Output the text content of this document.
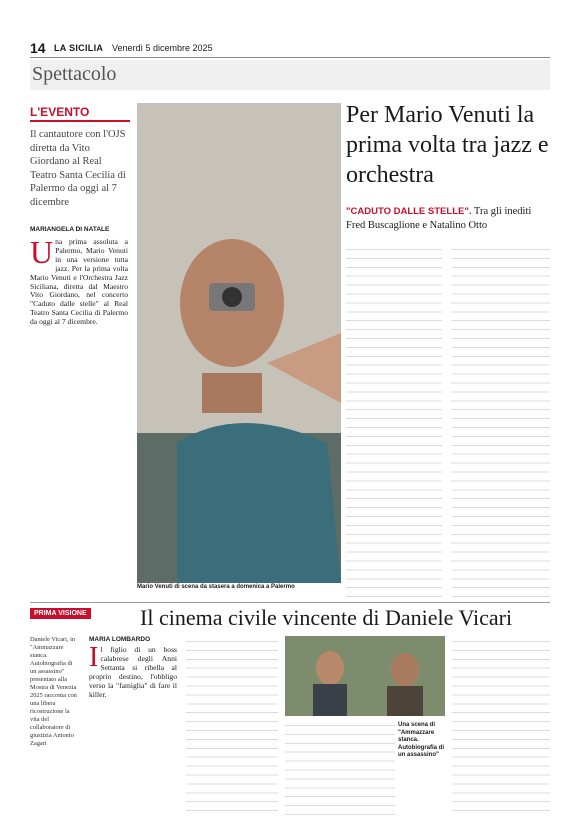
14 LA SICILIA Venerdì 5 dicembre 2025
Spettacolo
L'EVENTO
Il cantautore con l'OJS diretta da Vito Giordano al Real Teatro Santa Cecilia di Palermo da oggi al 7 dicembre
MARIANGELA DI NATALE
Una prima assoluta a Palermo, Mario Venuti in una versione tutta jazz. Per la prima volta Mario Venuti e l'Orchestra Jazz Siciliana, diretta dal Maestro Vito Giordano, nel concerto "Caduto dalle stelle" al Real Teatro Santa Cecilia di Palermo da oggi al 7 dicembre.
Mario Venuti di scena da stasera a domenica a Palermo
Per Mario Venuti la prima volta tra jazz e orchestra
"CADUTO DALLE STELLE". Tra gli inediti Fred Buscaglione e Natalino Otto
PRIMA VISIONE Il cinema civile vincente di Daniele Vicari
Daniele Vicari, in "Ammazzare stanca. Autobiografia di un assassino" presentato alla Mostra di Venezia 2025 racconta con una libera ricostruzione la vita del collaboratore di giustizia Antonio Zagari
MARIA LOMBARDO
Il figlio di un boss calabrese degli Anni Settanta si ribella al proprio destino, l'obbligo verso la "famiglia" di fare il killer.
Una scena di "Ammazzare stanca. Autobiografia di un assassino"
